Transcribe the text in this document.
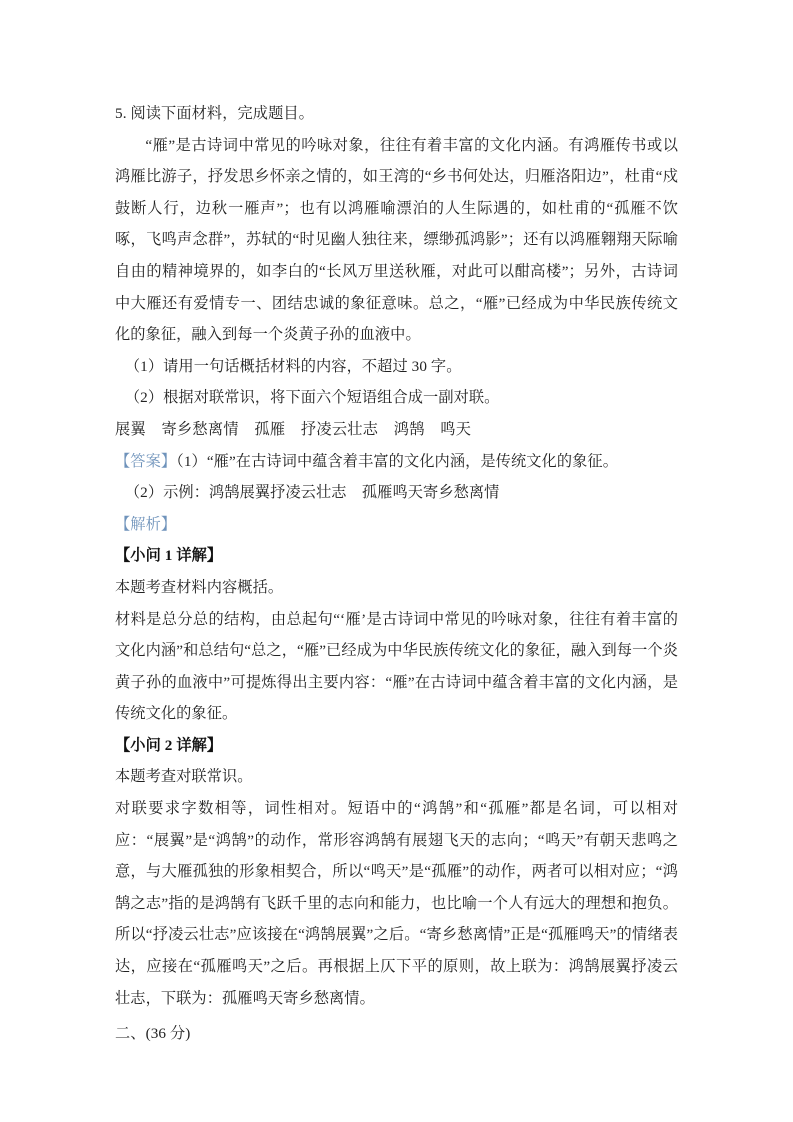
5. 阅读下面材料，完成题目。

“雁”是古诗词中常见的吟咏对象，往往有着丰富的文化内涵。有鸿雁传书或以鸿雁比游子，抒发思乡怀亲之情的，如王湾的“乡书何处达，归雁洛阳边”，杜甫“戍鼓断人行，边秋一雁声”；也有以鸿雁喻漂泊的人生际遇的，如杜甫的“孤雁不饮啄，飞鸣声念群”，苏轼的“时见幽人独往来，缥缈孤鸿影”；还有以鸿雁翱翔天际喻自由的精神境界的，如李白的“长风万里送秋雁，对此可以酣高楼”；另外，古诗词中大雁还有爱情专一、团结忠诚的象征意味。总之，“雁”已经成为中华民族传统文化的象征，融入到每一个炎黄子孙的血液中。

（1）请用一句话概括材料的内容，不超过 30 字。

（2）根据对联常识，将下面六个短语组合成一副对联。

展翼　寄乡愁离情　孤雁　抒凌云壮志　鸿鹄　鸣天

【答案】（1）“雁”在古诗词中蕴含着丰富的文化内涵，是传统文化的象征。

（2）示例：鸿鹄展翼抒凌云壮志　孤雁鸣天寄乡愁离情

【解析】

【小问 1 详解】

本题考查材料内容概括。

材料是总分总的结构，由总起句“‘雁’是古诗词中常见的吟咏对象，往往有着丰富的文化内涵”和总结句“总之，“雁”已经成为中华民族传统文化的象征，融入到每一个炎黄子孙的血液中”可提炼得出主要内容：“雁”在古诗词中蕴含着丰富的文化内涵，是传统文化的象征。

【小问 2 详解】

本题考查对联常识。

对联要求字数相等，词性相对。短语中的“鸿鹄”和“孤雁”都是名词，可以相对应：“展翼”是“鸿鹄”的动作，常形容鸿鹄有展翅飞天的志向；“鸣天”有朝天悲鸣之意，与大雁孤独的形象相契合，所以“鸣天”是“孤雁”的动作，两者可以相对应；“鸿鹄之志”指的是鸿鹄有飞跃千里的志向和能力，也比喻一个人有远大的理想和抱负。所以“抒凌云壮志”应该接在“鸿鹄展翼”之后。“寄乡愁离情”正是“孤雁鸣天”的情绪表达，应接在“孤雁鸣天”之后。再根据上仄下平的原则，故上联为：鸿鹄展翼抒凌云壮志，下联为：孤雁鸣天寄乡愁离情。

二、(36 分)
